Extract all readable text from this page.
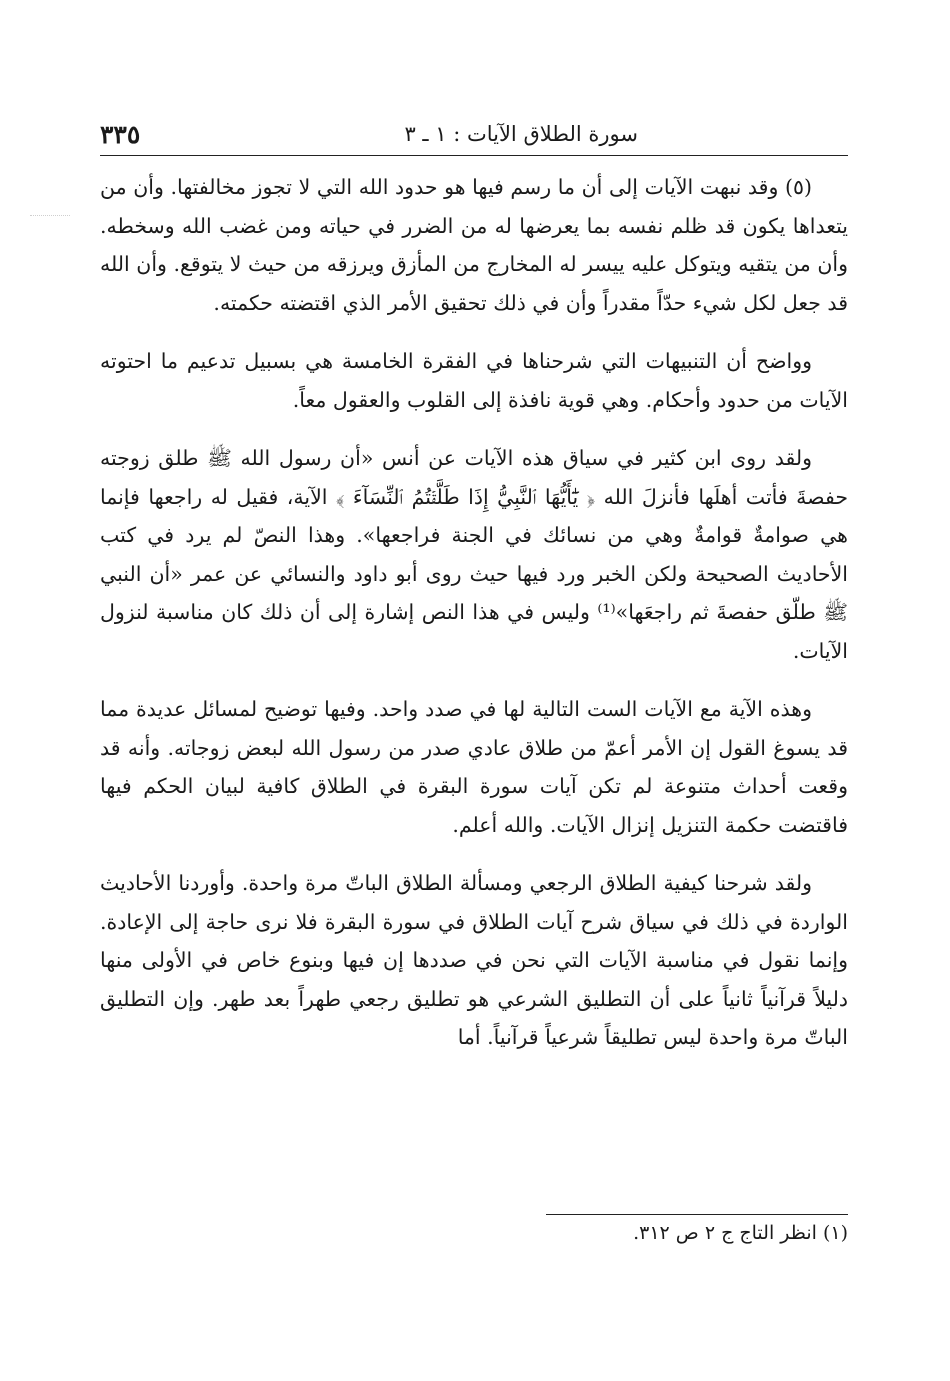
سورة الطلاق الآيات : ١ ـ ٣
٣٣٥

(٥) وقد نبهت الآيات إلى أن ما رسم فيها هو حدود الله التي لا تجوز مخالفتها. وأن من يتعداها يكون قد ظلم نفسه بما يعرضها له من الضرر في حياته ومن غضب الله وسخطه. وأن من يتقيه ويتوكل عليه ييسر له المخارج من المأزق ويرزقه من حيث لا يتوقع. وأن الله قد جعل لكل شيء حدّاً مقدراً وأن في ذلك تحقيق الأمر الذي اقتضته حكمته.

وواضح أن التنبيهات التي شرحناها في الفقرة الخامسة هي بسبيل تدعيم ما احتوته الآيات من حدود وأحكام. وهي قوية نافذة إلى القلوب والعقول معاً.

ولقد روى ابن كثير في سياق هذه الآيات عن أنس «أن رسول الله ﷺ طلق زوجته حفصةَ فأتت أهلَها فأنزلَ الله ﴿ يَٰٓأَيُّهَا ٱلنَّبِيُّ إِذَا طَلَّقۡتُمُ ٱلنِّسَآءَ ﴾ الآية، فقيل له راجعها فإنما هي صوامةٌ قوامةٌ وهي من نسائك في الجنة فراجعها». وهذا النصّ لم يرد في كتب الأحاديث الصحيحة ولكن الخبر ورد فيها حيث روى أبو داود والنسائي عن عمر «أن النبي ﷺ طلّق حفصةَ ثم راجعَها»⁽¹⁾ وليس في هذا النص إشارة إلى أن ذلك كان مناسبة لنزول الآيات.

وهذه الآية مع الآيات الست التالية لها في صدد واحد. وفيها توضيح لمسائل عديدة مما قد يسوغ القول إن الأمر أعمّ من طلاق عادي صدر من رسول الله لبعض زوجاته. وأنه قد وقعت أحداث متنوعة لم تكن آيات سورة البقرة في الطلاق كافية لبيان الحكم فيها فاقتضت حكمة التنزيل إنزال الآيات. والله أعلم.

ولقد شرحنا كيفية الطلاق الرجعي ومسألة الطلاق الباتّ مرة واحدة. وأوردنا الأحاديث الواردة في ذلك في سياق شرح آيات الطلاق في سورة البقرة فلا نرى حاجة إلى الإعادة. وإنما نقول في مناسبة الآيات التي نحن في صددها إن فيها وبنوع خاص في الأولى منها دليلاً قرآنياً ثانياً على أن التطليق الشرعي هو تطليق رجعي طهراً بعد طهر. وإن التطليق الباتّ مرة واحدة ليس تطليقاً شرعياً قرآنياً. أما

(١) انظر التاج ج ٢ ص ٣١٢.
